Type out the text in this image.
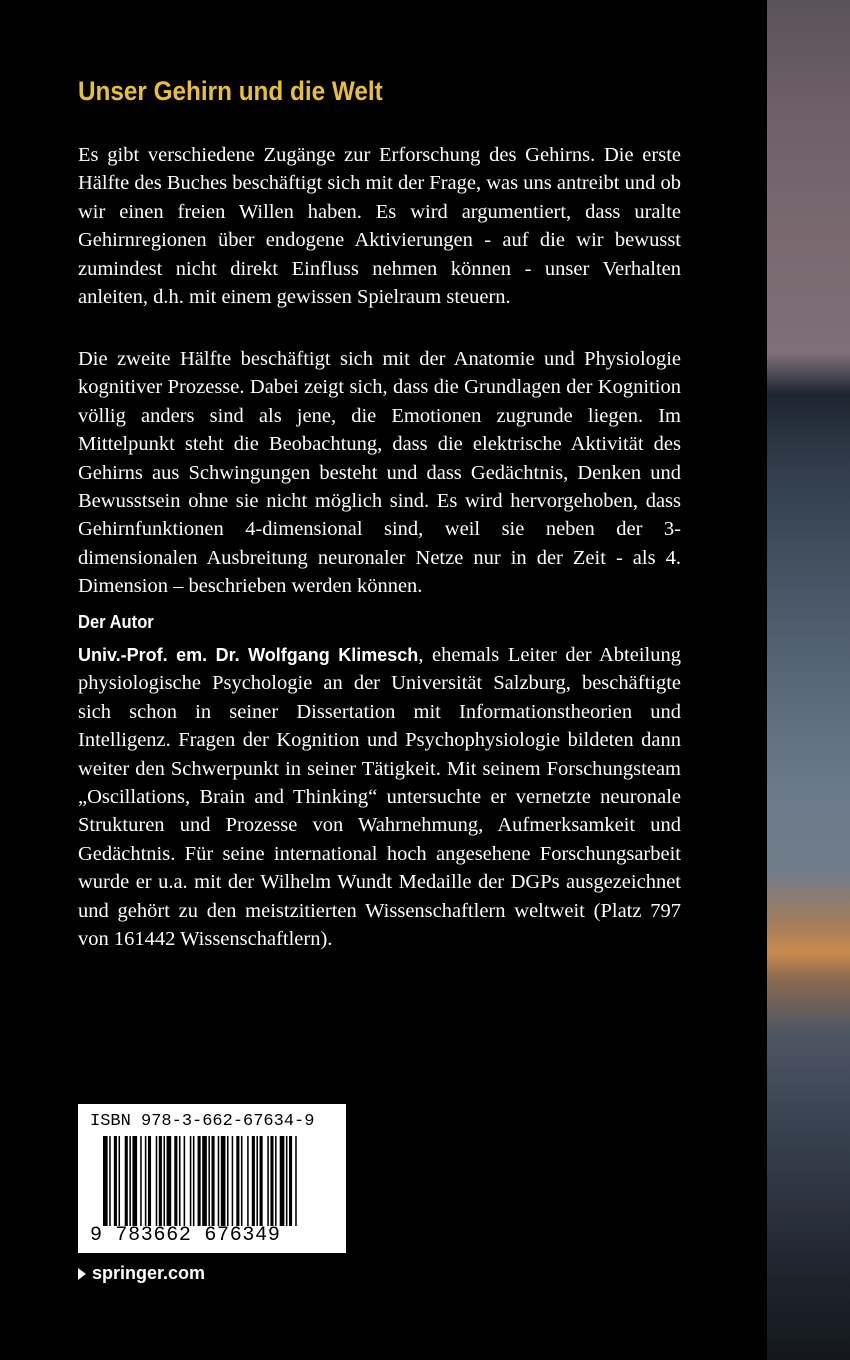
Unser Gehirn und die Welt

Es gibt verschiedene Zugänge zur Erforschung des Gehirns. Die erste Hälfte des Buches beschäftigt sich mit der Frage, was uns antreibt und ob wir einen freien Willen haben. Es wird argumentiert, dass uralte Gehirnregionen über endogene Aktivierungen - auf die wir bewusst zumindest nicht direkt Einfluss nehmen können - unser Verhalten anleiten, d.h. mit einem gewissen Spielraum steuern.

Die zweite Hälfte beschäftigt sich mit der Anatomie und Physiologie kognitiver Prozesse. Dabei zeigt sich, dass die Grundlagen der Kognition völlig anders sind als jene, die Emotionen zugrunde liegen. Im Mittelpunkt steht die Beobachtung, dass die elektrische Aktivität des Gehirns aus Schwingungen besteht und dass Gedächtnis, Denken und Bewusstsein ohne sie nicht möglich sind. Es wird hervorgehoben, dass Gehirnfunktionen 4-dimensional sind, weil sie neben der 3-dimensionalen Ausbreitung neuronaler Netze nur in der Zeit - als 4. Dimension – beschrieben werden können.

Der Autor

Univ.-Prof. em. Dr. Wolfgang Klimesch, ehemals Leiter der Abteilung physiologische Psychologie an der Universität Salzburg, beschäftigte sich schon in seiner Dissertation mit Informationstheorien und Intelligenz. Fragen der Kognition und Psychophysiologie bildeten dann weiter den Schwerpunkt in seiner Tätigkeit. Mit seinem Forschungsteam „Oscillations, Brain and Thinking“ untersuchte er vernetzte neuronale Strukturen und Prozesse von Wahrnehmung, Aufmerksamkeit und Gedächtnis. Für seine international hoch angesehene Forschungsarbeit wurde er u.a. mit der Wilhelm Wundt Medaille der DGPs ausgezeichnet und gehört zu den meistzitierten Wissenschaftlern weltweit (Platz 797 von 161442 Wissenschaftlern).

ISBN 978-3-662-67634-9
9 783662 676349
springer.com
